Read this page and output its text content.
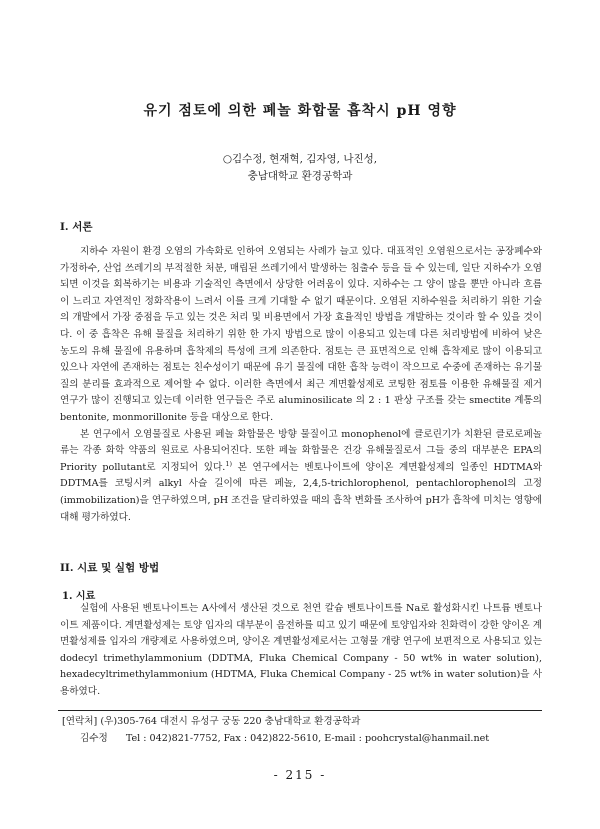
유기 점토에 의한 폐놀 화합물 흡착시 pH 영향
○김수정, 현재혁, 김자영, 나진성,
충남대학교 환경공학과
I. 서론

지하수 자원이 환경 오염의 가속화로 인하여 오염되는 사례가 늘고 있다. 대표적인 오염원으로서는 공장폐수와 가정하수, 산업 쓰레기의 부적절한 처분, 매립된 쓰레기에서 발생하는 침출수 등을 들 수 있는데, 일단 지하수가 오염되면 이것을 회복하기는 비용과 기술적인 측면에서 상당한 어려움이 있다. 지하수는 그 양이 많을 뿐만 아니라 흐름이 느리고 자연적인 정화작용이 느려서 이를 크게 기대할 수 없기 때문이다. 오염된 지하수원을 처리하기 위한 기술의 개발에서 가장 중점을 두고 있는 것은 처리 및 비용면에서 가장 효율적인 방법을 개발하는 것이라 할 수 있을 것이다. 이 중 흡착은 유해 물질을 처리하기 위한 한 가지 방법으로 많이 이용되고 있는데 다른 처리방법에 비하여 낮은 농도의 유해 물질에 유용하며 흡착제의 특성에 크게 의존한다. 점토는 큰 표면적으로 인해 흡착제로 많이 이용되고 있으나 자연에 존재하는 점토는 친수성이기 때문에 유기 물질에 대한 흡착 능력이 작으므로 수중에 존재하는 유기물질의 분리를 효과적으로 제어할 수 없다. 이러한 측면에서 최근 계면활성제로 코팅한 점토를 이용한 유해물질 제거 연구가 많이 진행되고 있는데 이러한 연구들은 주로 aluminosilicate 의 2 : 1 판상 구조를 갖는 smectite 계통의 bentonite, monmorillonite 등을 대상으로 한다.

본 연구에서 오염물질로 사용된 페놀 화합물은 방향 물질이고 monophenol에 클로린기가 치환된 클로로페놀류는 각종 화학 약품의 원료로 사용되어진다. 또한 페놀 화합물은 건강 유해물질로서 그들 중의 대부분은 EPA의 Priority pollutant로 지정되어 있다.$^{1)}$ 본 연구에서는 벤토나이트에 양이온 계면활성제의 일종인 HDTMA와 DDTMA를 코팅시켜 alkyl 사슬 길이에 따른 페놀, 2,4,5-trichlorophenol, pentachlorophenol의 고정 (immobilization)을 연구하였으며, pH 조건을 달리하였을 때의 흡착 변화를 조사하여 pH가 흡착에 미치는 영향에 대해 평가하였다.

II. 시료 및 실험 방법
1. 시료

실험에 사용된 벤토나이트는 A사에서 생산된 것으로 천연 칼슘 벤토나이트를 Na로 활성화시킨 나트륨 벤토나이트 제품이다. 계면활성제는 토양 입자의 대부분이 음전하를 띠고 있기 때문에 토양입자와 친화력이 강한 양이온 계면활성제를 입자의 개량제로 사용하였으며, 양이온 계면활성제로서는 고형물 개량 연구에 보편적으로 사용되고 있는 dodecyl trimethylammonium (DDTMA, Fluka Chemical Company - 50 wt% in water solution), hexadecyltrimethylammonium (HDTMA, Fluka Chemical Company - 25 wt% in water solution)을 사용하였다.

[연락처] (우)305-764 대전시 유성구 궁동 220 충남대학교 환경공학과
김수정 Tel : 042)821-7752, Fax : 042)822-5610, E-mail : poohcrystal@hanmail.net
- 215 -
